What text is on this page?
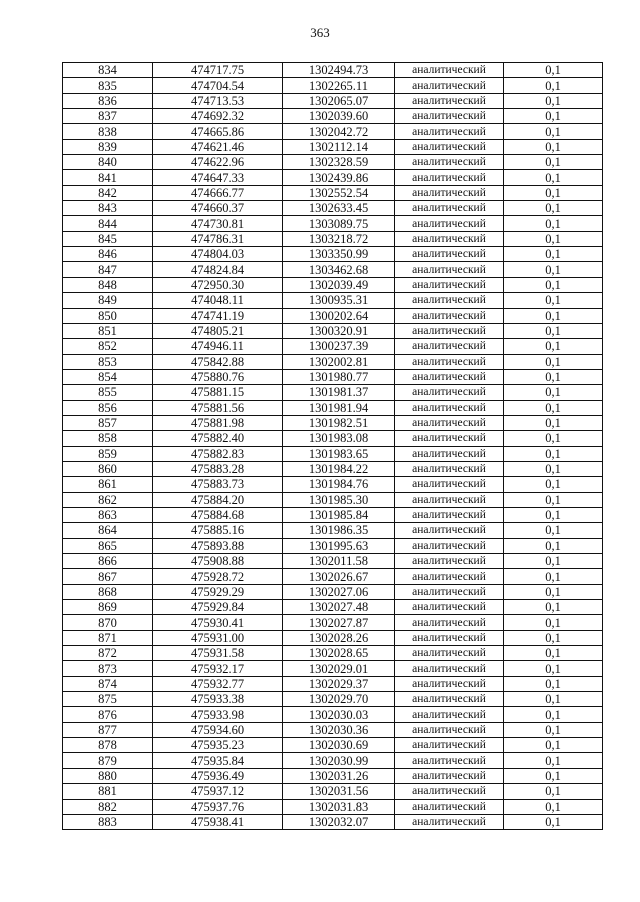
363
834	474717.75	1302494.73	аналитический	0,1
835	474704.54	1302265.11	аналитический	0,1
836	474713.53	1302065.07	аналитический	0,1
837	474692.32	1302039.60	аналитический	0,1
838	474665.86	1302042.72	аналитический	0,1
839	474621.46	1302112.14	аналитический	0,1
840	474622.96	1302328.59	аналитический	0,1
841	474647.33	1302439.86	аналитический	0,1
842	474666.77	1302552.54	аналитический	0,1
843	474660.37	1302633.45	аналитический	0,1
844	474730.81	1303089.75	аналитический	0,1
845	474786.31	1303218.72	аналитический	0,1
846	474804.03	1303350.99	аналитический	0,1
847	474824.84	1303462.68	аналитический	0,1
848	472950.30	1302039.49	аналитический	0,1
849	474048.11	1300935.31	аналитический	0,1
850	474741.19	1300202.64	аналитический	0,1
851	474805.21	1300320.91	аналитический	0,1
852	474946.11	1300237.39	аналитический	0,1
853	475842.88	1302002.81	аналитический	0,1
854	475880.76	1301980.77	аналитический	0,1
855	475881.15	1301981.37	аналитический	0,1
856	475881.56	1301981.94	аналитический	0,1
857	475881.98	1301982.51	аналитический	0,1
858	475882.40	1301983.08	аналитический	0,1
859	475882.83	1301983.65	аналитический	0,1
860	475883.28	1301984.22	аналитический	0,1
861	475883.73	1301984.76	аналитический	0,1
862	475884.20	1301985.30	аналитический	0,1
863	475884.68	1301985.84	аналитический	0,1
864	475885.16	1301986.35	аналитический	0,1
865	475893.88	1301995.63	аналитический	0,1
866	475908.88	1302011.58	аналитический	0,1
867	475928.72	1302026.67	аналитический	0,1
868	475929.29	1302027.06	аналитический	0,1
869	475929.84	1302027.48	аналитический	0,1
870	475930.41	1302027.87	аналитический	0,1
871	475931.00	1302028.26	аналитический	0,1
872	475931.58	1302028.65	аналитический	0,1
873	475932.17	1302029.01	аналитический	0,1
874	475932.77	1302029.37	аналитический	0,1
875	475933.38	1302029.70	аналитический	0,1
876	475933.98	1302030.03	аналитический	0,1
877	475934.60	1302030.36	аналитический	0,1
878	475935.23	1302030.69	аналитический	0,1
879	475935.84	1302030.99	аналитический	0,1
880	475936.49	1302031.26	аналитический	0,1
881	475937.12	1302031.56	аналитический	0,1
882	475937.76	1302031.83	аналитический	0,1
883	475938.41	1302032.07	аналитический	0,1
